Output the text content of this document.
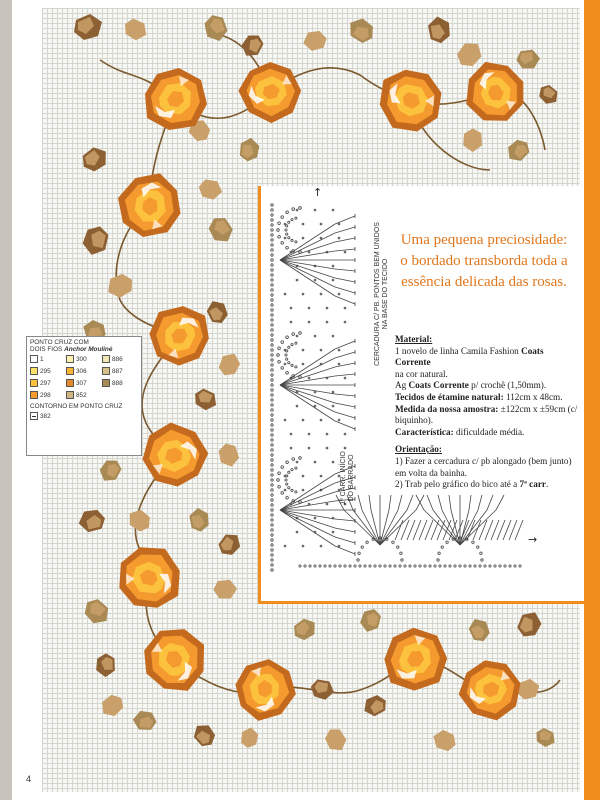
↑
→
CERCADURA C/ PB. PONTOS BEM UNIDOS NA BASE DO TECIDO
1ª CARR. INÍCIO DO BARRADO
Uma pequena preciosidade:
o bordado transborda toda a
essência delicada das rosas.

Material:

1 novelo de linha Camila Fashion Coats Corrente

na cor natural.

Ag Coats Corrente p/ crochê (1,50mm).

Tecidos de étamine natural: 112cm x 48cm.

Medida da nossa amostra: ±122cm x ±59cm (c/ biquinho).

Característica: dificuldade média.

Orientação:

1) Fazer a cercadura c/ pb alongado (bem junto) em volta da bainha.

2) Trab pelo gráfico do bico até a 7ª carr.

PONTO CRUZ COM
DOIS FIOS Anchor Mouliné
1	300	886
295	306	887
297	307	888
298	852
CONTORNO EM PONTO CRUZ
382
4
